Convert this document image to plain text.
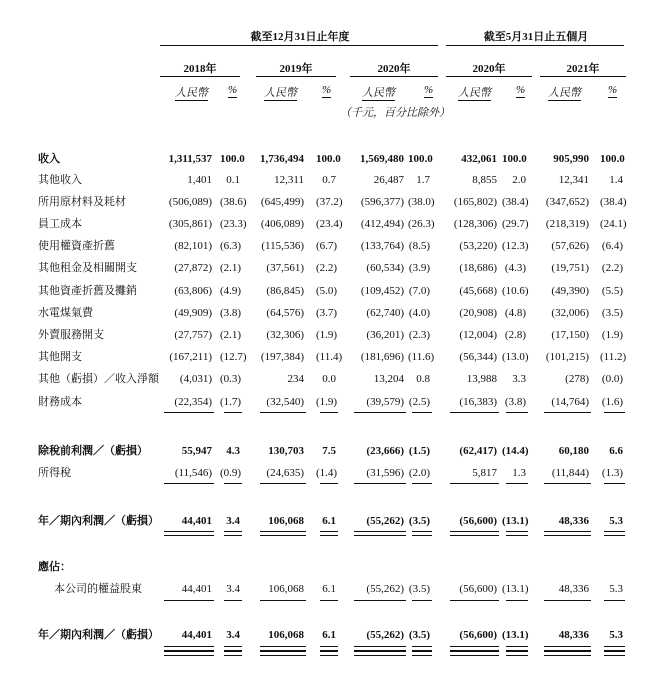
截至12月31日止年度	截至5月31日止五個月
2018年	2019年	2020年	2020年	2021年
人民幣 % 人民幣 %	人民幣	% 人民幣 % 人民幣 %
（千元，百分比除外）
收入	1,311,537 100.0	1,736,494 100.0	1,569,480 100.0	432,061 100.0	905,990 100.0
其他收入	1,401	0.1	12,311	0.7	26,487	1.7	8,855	2.0	12,341	1.4
所用原材料及耗材	(506,089) (38.6)	(645,499) (37.2)	(596,377) (38.0)	(165,802) (38.4)	(347,652) (38.4)
員工成本	(305,861) (23.3)	(406,089) (23.4)	(412,494) (26.3)	(128,306) (29.7)	(218,319) (24.1)
使用權資產折舊	(82,101) (6.3)	(115,536) (6.7)	(133,764) (8.5)	(53,220) (12.3)	(57,626) (6.4)
其他租金及相關開支	(27,872) (2.1)	(37,561) (2.2)	(60,534) (3.9)	(18,686) (4.3)	(19,751) (2.2)
其他資產折舊及攤銷	(63,806) (4.9)	(86,845) (5.0)	(109,452) (7.0)	(45,668) (10.6)	(49,390) (5.5)
水電煤氣費	(49,909) (3.8)	(64,576) (3.7)	(62,740) (4.0)	(20,908) (4.8)	(32,006) (3.5)
外賣服務開支	(27,757) (2.1)	(32,306) (1.9)	(36,201) (2.3)	(12,004) (2.8)	(17,150) (1.9)
其他開支	(167,211) (12.7)	(197,384) (11.4)	(181,696) (11.6)	(56,344) (13.0)	(101,215) (11.2)
其他（虧損）／收入淨額	(4,031) (0.3)	234	0.0	13,204	0.8	13,988	3.3	(278) (0.0)
財務成本	(22,354) (1.7)	(32,540) (1.9)	(39,579) (2.5)	(16,383) (3.8)	(14,764) (1.6)
除稅前利潤／（虧損）	55,947	4.3	130,703	7.5	(23,666) (1.5)	(62,417) (14.4)	60,180	6.6
所得稅	(11,546) (0.9)	(24,635) (1.4)	(31,596) (2.0)	5,817	1.3	(11,844) (1.3)
年／期內利潤／（虧損）	44,401	3.4	106,068	6.1	(55,262) (3.5)	(56,600) (13.1)	48,336	5.3
應佔：
本公司的權益股東	44,401	3.4	106,068	6.1	(55,262) (3.5)	(56,600) (13.1)	48,336	5.3
年／期內利潤／（虧損）	44,401	3.4	106,068	6.1	(55,262) (3.5)	(56,600) (13.1)	48,336	5.3
